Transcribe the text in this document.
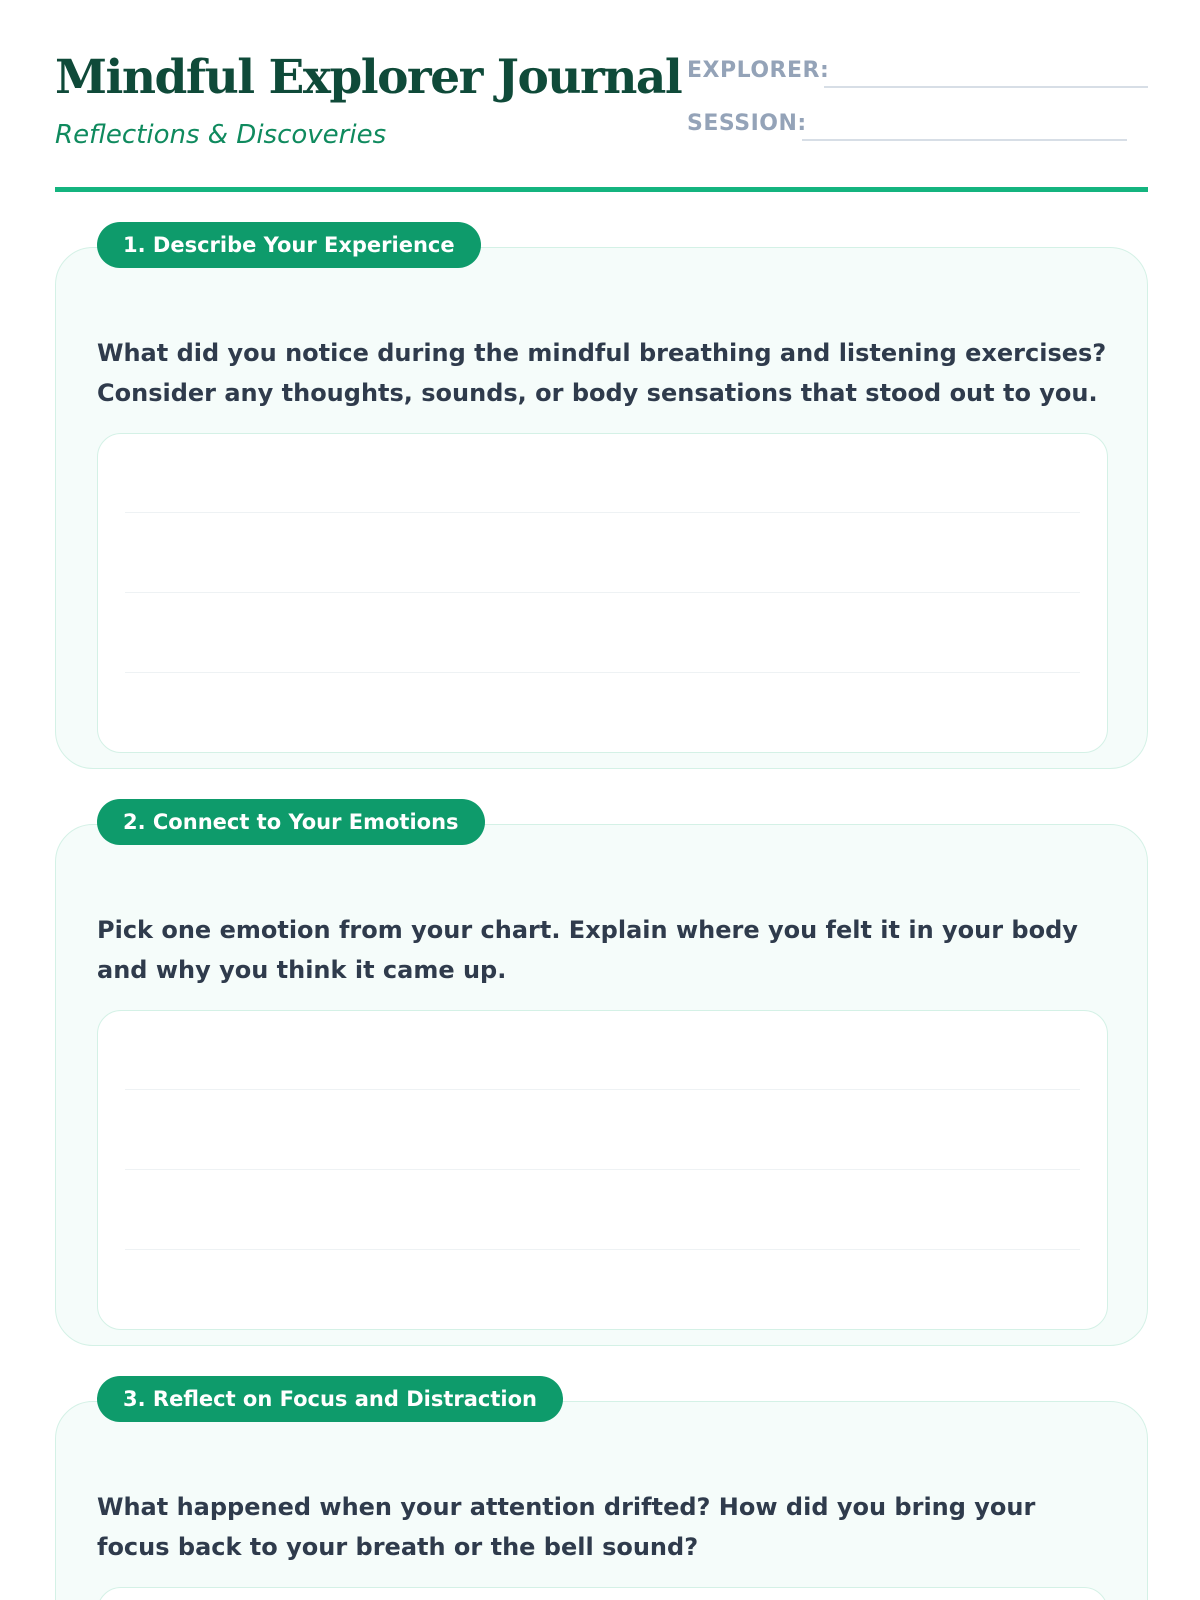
Mindful Explorer Journal
Reflections & Discoveries
EXPLORER:
SESSION:

What did you notice during the mindful breathing and listening exercises? Consider any thoughts, sounds, or body sensations that stood out to you.

1. Describe Your Experience

Pick one emotion from your chart. Explain where you felt it in your body and why you think it came up.

2. Connect to Your Emotions

What happened when your attention drifted? How did you bring your focus back to your breath or the bell sound?

3. Reflect on Focus and Distraction
